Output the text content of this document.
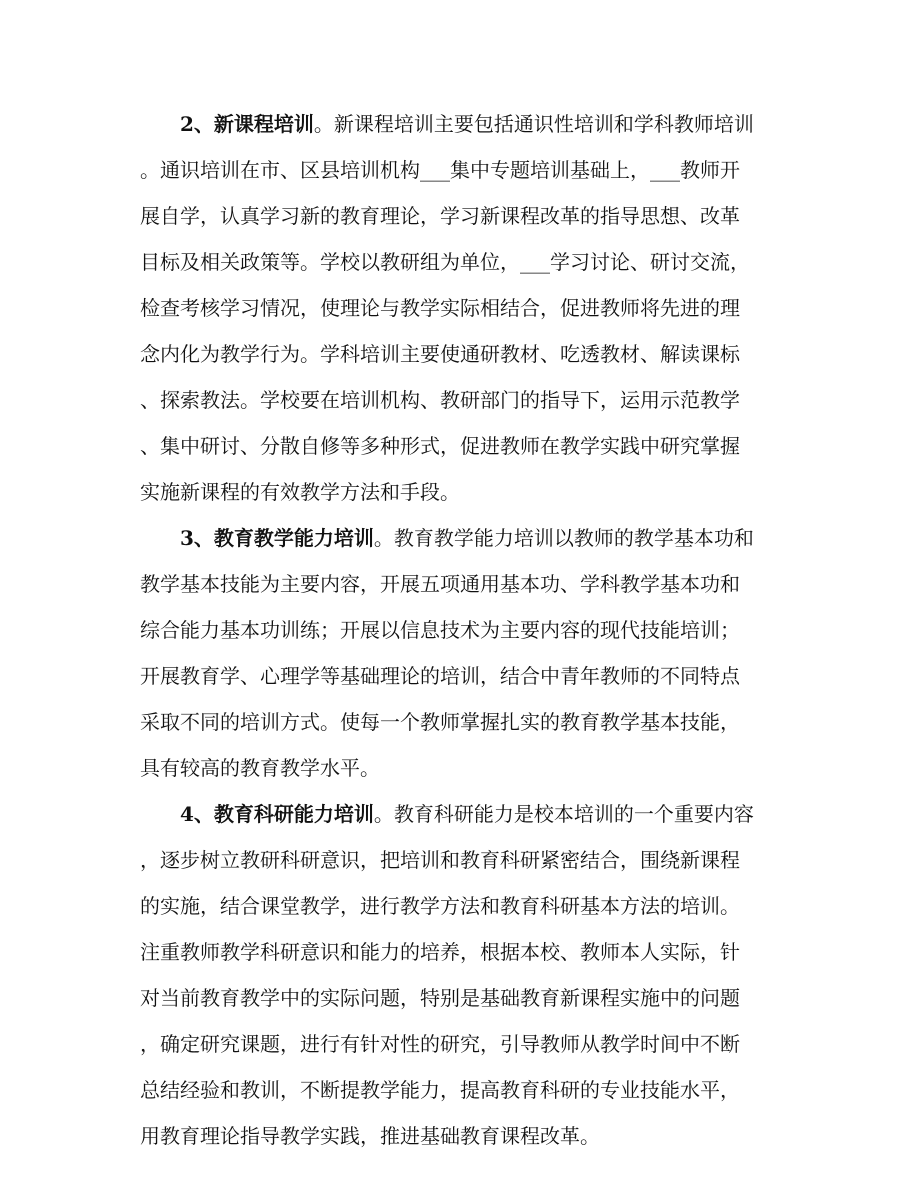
2、新课程培训。新课程培训主要包括通识性培训和学科教师培训
。通识培训在市、区县培训机构___集中专题培训基础上，___教师开
展自学，认真学习新的教育理论，学习新课程改革的指导思想、改革
目标及相关政策等。学校以教研组为单位，___学习讨论、研讨交流，
检查考核学习情况，使理论与教学实际相结合，促进教师将先进的理
念内化为教学行为。学科培训主要使通研教材、吃透教材、解读课标
、探索教法。学校要在培训机构、教研部门的指导下，运用示范教学
、集中研讨、分散自修等多种形式，促进教师在教学实践中研究掌握
实施新课程的有效教学方法和手段。
3、教育教学能力培训。教育教学能力培训以教师的教学基本功和
教学基本技能为主要内容，开展五项通用基本功、学科教学基本功和
综合能力基本功训练；开展以信息技术为主要内容的现代技能培训；
开展教育学、心理学等基础理论的培训，结合中青年教师的不同特点
采取不同的培训方式。使每一个教师掌握扎实的教育教学基本技能，
具有较高的教育教学水平。
4、教育科研能力培训。教育科研能力是校本培训的一个重要内容
，逐步树立教研科研意识，把培训和教育科研紧密结合，围绕新课程
的实施，结合课堂教学，进行教学方法和教育科研基本方法的培训。
注重教师教学科研意识和能力的培养，根据本校、教师本人实际，针
对当前教育教学中的实际问题，特别是基础教育新课程实施中的问题
，确定研究课题，进行有针对性的研究，引导教师从教学时间中不断
总结经验和教训，不断提教学能力，提高教育科研的专业技能水平，
用教育理论指导教学实践，推进基础教育课程改革。
